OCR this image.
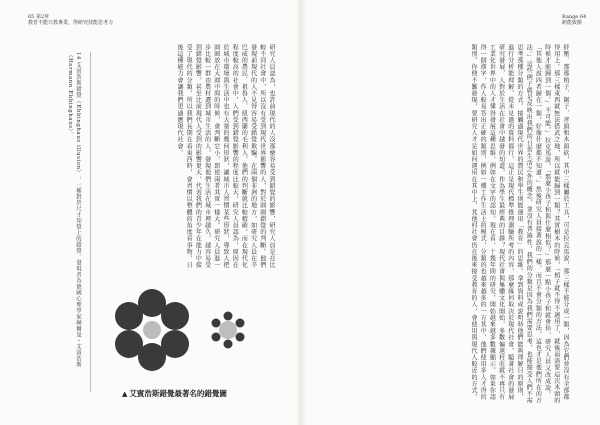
65 第2章
教育不能只教專業，得研究技能思考力
Range 64
跨能致勝
紓壓、那那梢子、鋸子、斧頭和木頭砍，其中三樣屬於工具，可是拉克馬說，那三樣不能分成一類，因為它們並沒有全部都得用上。那三樣東西就無法搭武之地，所以就能歸到一類？其實樹木的時候，「梢子就不得不適用了，就後面需要這次木頭的時候才能歸到一個。」不可能，」拉克馬說，「那麼小孩子和與什麼相似？」那麼一點小孩子和就會你，研究人員又改成說，「其他人說四者歸在一類，好像什麼都不知道，」然後研究人員接著說的一樣，而且不會分類的方法，這也才是他們所在的方法。」這些例子就是反映出我們的日常生活之外的概念，並沒有普遍性，我們的分類是因為我們需要思考，也能接受人們不需思考那種分類的方式。接觸過現代世界的農民和學生則能運用「教育」的思維。拿到資料或說明時他們能夠理解目的原則，進行分析能理解，從未見過的資料都行，這正是現代標準推理測驗所考的內容，那麼緣何取決於現代社會，隨著社會的發展研究發展，人對於生活在社會中越發的知道，作為學生最經典的目錄？現代社會與集體文化開始，多數偏遠村莊就不再只有工業化世界中的人才懂得發展這種思維，例如在文字的認知。現在看，十幾年間的研究，開始越來越多數據顯示。如果你認得一個漢字，作人較易答出正確的類別，例如一種工作生活上的模式，分類的也越來越多的一方其中，他們使用多人才得的類別。你便不難發現，要研究人才是如何運用在其中上，其他村社會仍在後來接受教育的人，會使用與現代人較近的方式。
研究人員認為，也許前現代的人沒那麼容易受到錯覺的影響，研究人員是在比較不同社會中，所以沒有受到現代世界影響的人，對於圓圈錯覺的判斷。他們發現前現代的人不見得容易受錯覺欺騙。在兩個非洲的地方，如研究人員在辛巴威的農民、祖魯人、紐西蘭的毛利人，他們的判斷就比較精確，而在現代化程度較高的社會中，人們受到錯覺影響的程度比較大，研究人員認為，原因在於城市環境與生活中也有大量的幾何形狀，讓城市人習慣某些形狀，導致人把圓圈放在大圓中間的時候，會判斷它小，即使兩者其實一樣大。研究人員進一步比較一群由農村遷到城市生活的人，發現他們生活在城市裡越久，越容易受到錯覺影響，甚至比前現代人受到的影響更大，代表我們的青少年在能力中接受了現代的分類，所以我們長期在看東西時，會習慣以整體的角度看事物，日後這種能力會讓我們更適應現代社會。
14 艾賓浩斯錯覺（Ebbinghaus illusion）：一種對於尺寸知覺上的錯覺。發現者為德國心理學家赫爾曼・艾賓浩斯（Hermann Ebbinghaus）。
▲ 艾賓浩斯錯覺最著名的錯覺圖
